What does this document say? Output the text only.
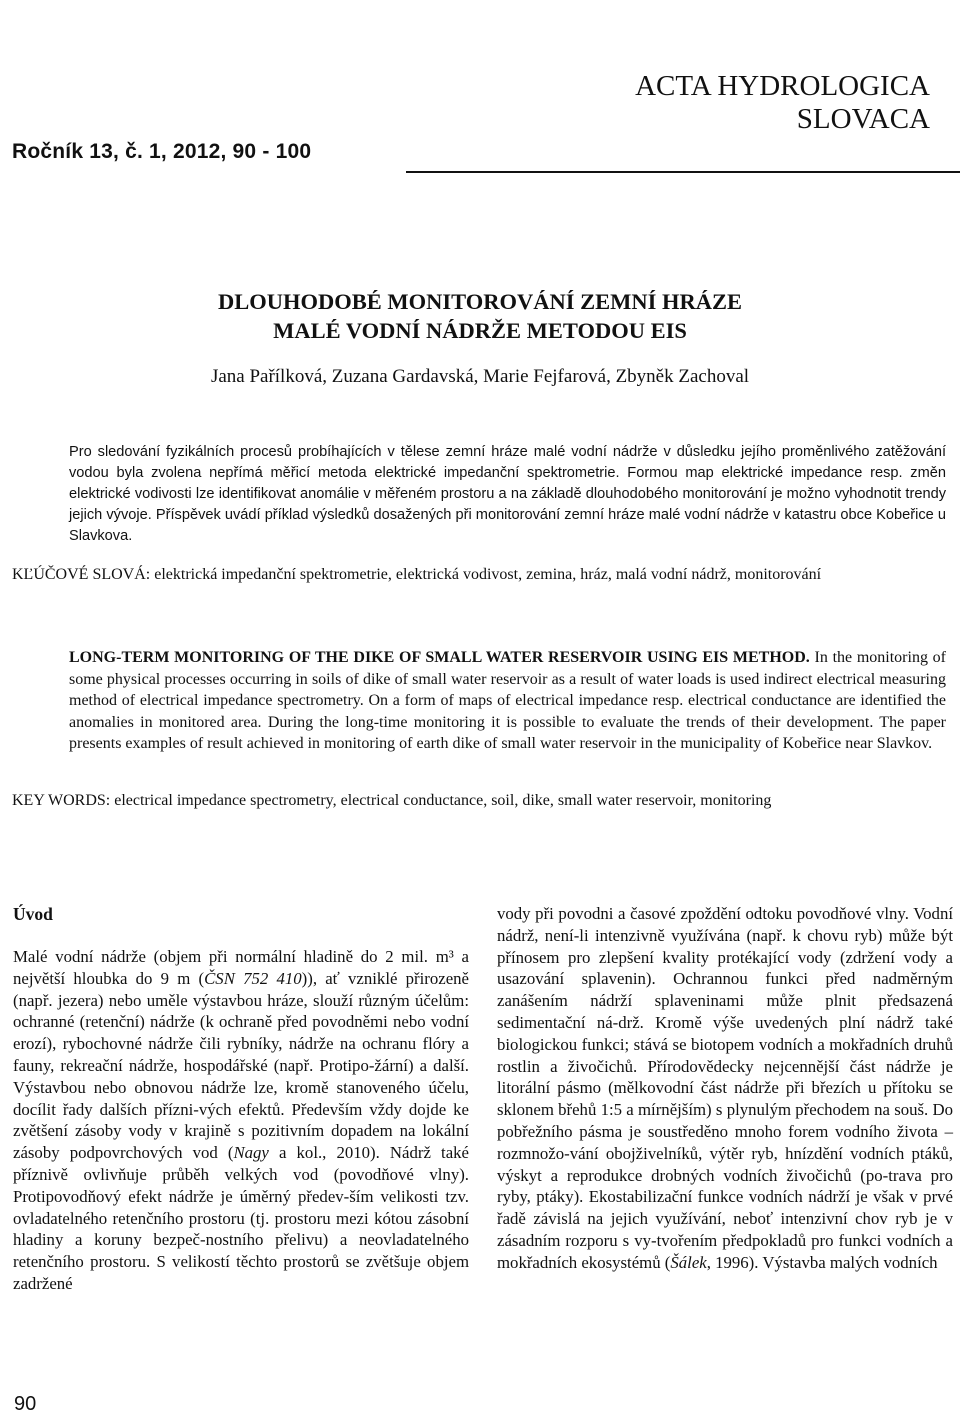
Ročník 13, č. 1, 2012, 90 - 100
ACTA HYDROLOGICA
SLOVACA
DLOUHODOBÉ MONITOROVÁNÍ ZEMNÍ HRÁZE
MALÉ VODNÍ NÁDRŽE METODOU EIS
Jana Pařílková, Zuzana Gardavská, Marie Fejfarová, Zbyněk Zachoval
Pro sledování fyzikálních procesů probíhajících v tělese zemní hráze malé vodní nádrže v důsledku jejího proměnlivého zatěžování vodou byla zvolena nepřímá měřicí metoda elektrické impedanční spektrometrie. Formou map elektrické impedance resp. změn elektrické vodivosti lze identifikovat anomálie v měřeném prostoru a na základě dlouhodobého monitorování je možno vyhodnotit trendy jejich vývoje. Příspěvek uvádí příklad výsledků dosažených při monitorování zemní hráze malé vodní nádrže v katastru obce Kobeřice u Slavkova.
KĽÚČOVÉ SLOVÁ: elektrická impedanční spektrometrie, elektrická vodivost, zemina, hráz, malá vodní nádrž, monitorování
LONG-TERM MONITORING OF THE DIKE OF SMALL WATER RESERVOIR USING EIS METHOD. In the monitoring of some physical processes occurring in soils of dike of small water reservoir as a result of water loads is used indirect electrical measuring method of electrical impedance spectrometry. On a form of maps of electrical impedance resp. electrical conductance are identified the anomalies in monitored area. During the long-time monitoring it is possible to evaluate the trends of their development. The paper presents examples of result achieved in monitoring of earth dike of small water reservoir in the municipality of Kobeřice near Slavkov.
KEY WORDS: electrical impedance spectrometry, electrical conductance, soil, dike, small water reservoir, monitoring
Úvod

Malé vodní nádrže (objem při normální hladině do 2 mil. m³ a největší hloubka do 9 m (ČSN 752 410)), ať vzniklé přirozeně (např. jezera) nebo uměle výstavbou hráze, slouží různým účelům: ochranné (retenční) nádrže (k ochraně před povodněmi nebo vodní erozí), rybochovné nádrže čili rybníky, nádrže na ochranu flóry a fauny, rekreační nádrže, hospodářské (např. Protipo-žární) a další. Výstavbou nebo obnovou nádrže lze, kromě stanoveného účelu, docílit řady dalších přízni-vých efektů. Především vždy dojde ke zvětšení zásoby vody v krajině s pozitivním dopadem na lokální zásoby podpovrchových vod (Nagy a kol., 2010). Nádrž také příznivě ovlivňuje průběh velkých vod (povodňové vlny). Protipovodňový efekt nádrže je úměrný předev-ším velikosti tzv. ovladatelného retenčního prostoru (tj. prostoru mezi kótou zásobní hladiny a koruny bezpeč-nostního přelivu) a neovladatelného retenčního prostoru. S velikostí těchto prostorů se zvětšuje objem zadržené

vody při povodni a časové zpoždění odtoku povodňové vlny. Vodní nádrž, není-li intenzivně využívána (např. k chovu ryb) může být přínosem pro zlepšení kvality protékající vody (zdržení vody a usazování splavenin). Ochrannou funkci před nadměrným zanášením nádrží splaveninami může plnit předsazená sedimentační ná-drž. Kromě výše uvedených plní nádrž také biologickou funkci; stává se biotopem vodních a mokřadních druhů rostlin a živočichů. Přírodovědecky nejcennější část nádrže je litorální pásmo (mělkovodní část nádrže při březích u přítoku se sklonem břehů 1:5 a mírnějším) s plynulým přechodem na souš. Do pobřežního pásma je soustředěno mnoho forem vodního života – rozmnožo-vání obojživelníků, výtěr ryb, hnízdění vodních ptáků, výskyt a reprodukce drobných vodních živočichů (po-trava pro ryby, ptáky). Ekostabilizační funkce vodních nádrží je však v prvé řadě závislá na jejich využívání, neboť intenzivní chov ryb je v zásadním rozporu s vy-tvořením předpokladů pro funkci vodních a mokřadních ekosystémů (Šálek, 1996). Výstavba malých vodních

90
